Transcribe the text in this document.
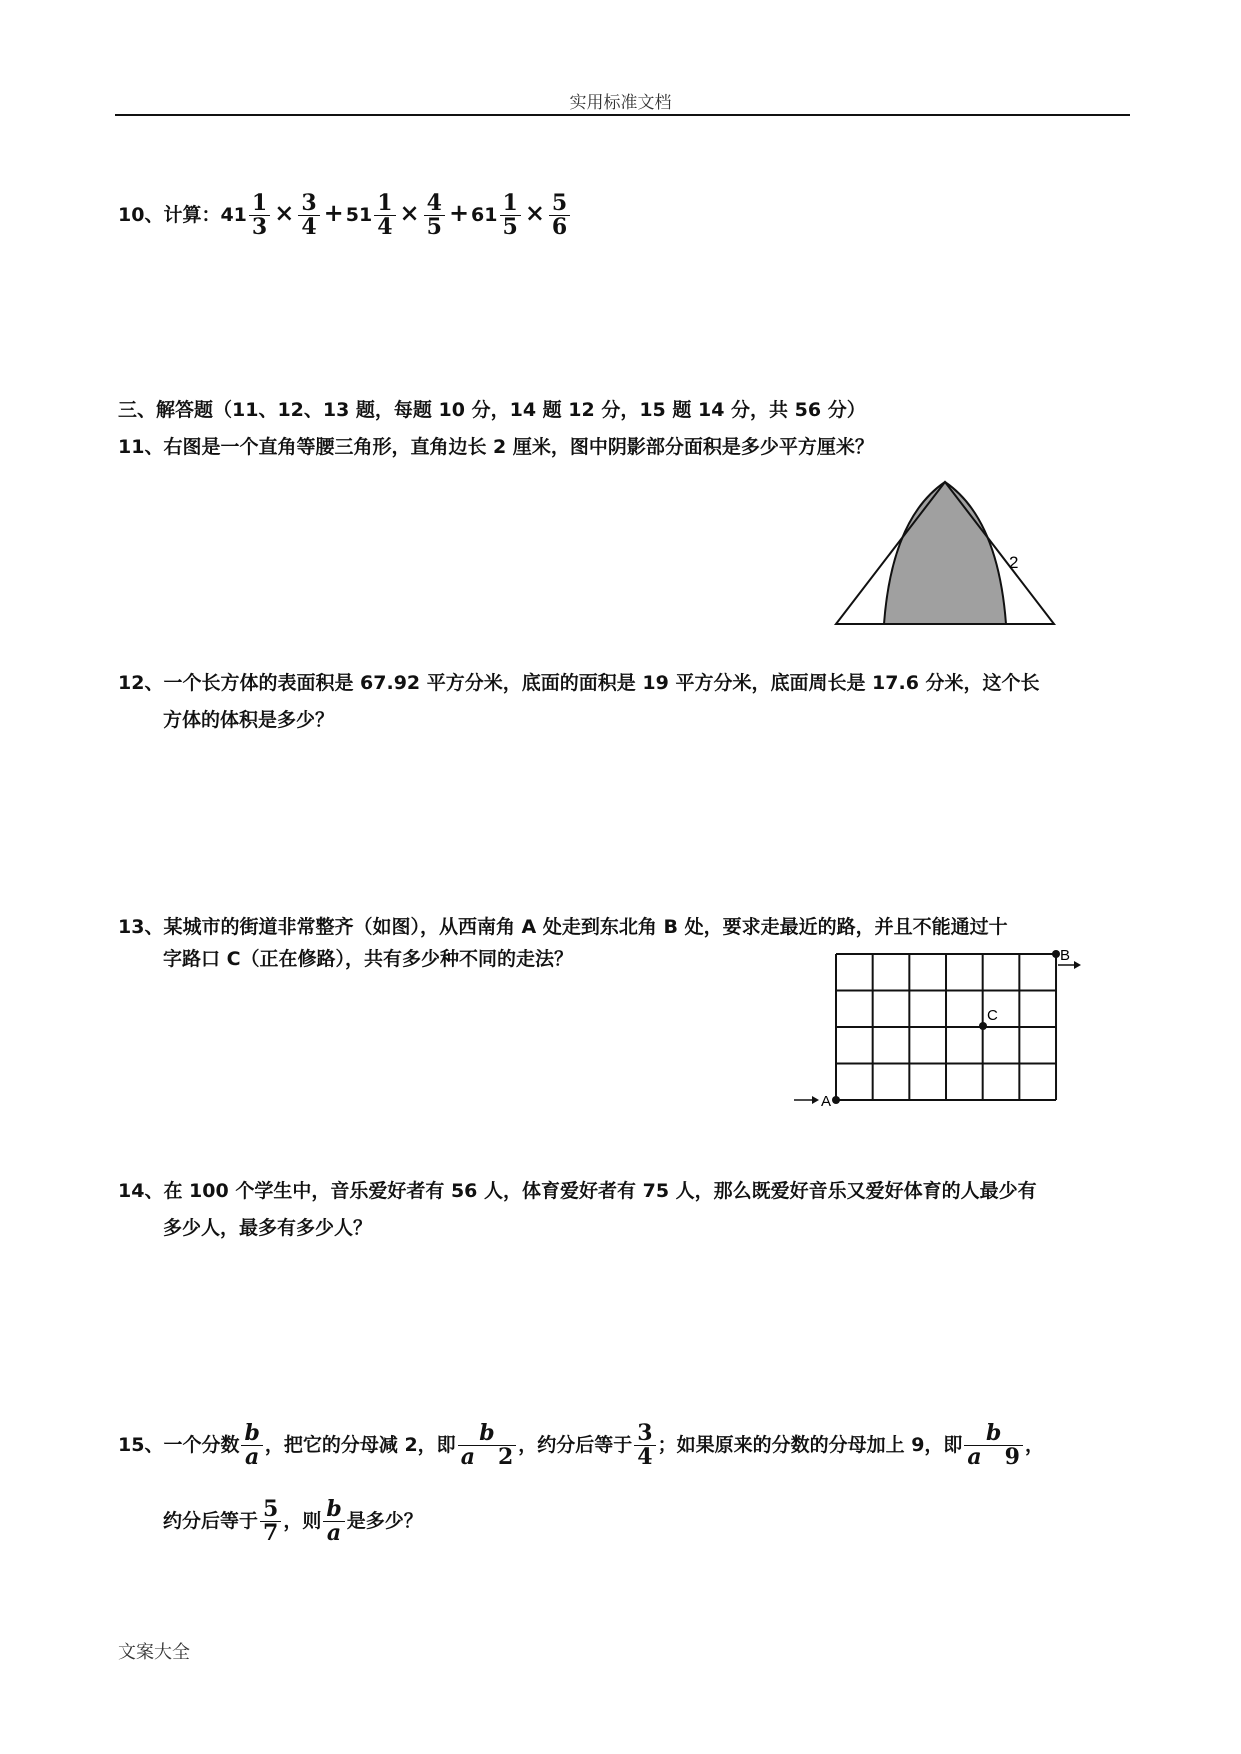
实用标准文档
10、计算：$41 \frac{1}{3} \times \frac{3}{4} + 51 \frac{1}{4} \times \frac{4}{5} + 61 \frac{1}{5} \times \frac{5}{6}$
三、解答题（11、12、13 题，每题 10 分，14 题 12 分，15 题 14 分，共 56 分）
11、右图是一个直角等腰三角形，直角边长 2 厘米，图中阴影部分面积是多少平方厘米？
2
12、一个长方体的表面积是 67.92 平方分米，底面的面积是 19 平方分米，底面周长是 17.6 分米，这个长
方体的体积是多少？
13、某城市的街道非常整齐（如图），从西南角 A 处走到东北角 B 处，要求走最近的路，并且不能通过十
字路口 C（正在修路），共有多少种不同的走法？
A
B
C
14、在 100 个学生中，音乐爱好者有 56 人，体育爱好者有 75 人，那么既爱好音乐又爱好体育的人最少有
多少人，最多有多少人？
15、一个分数 $\frac{b}{a}$ ，把它的分母减 2，即 $\frac{b}{a 2}$ ，约分后等于 $\frac{3}{4}$ ；如果原来的分数的分母加上 9，即 $\frac{b}{a 9}$ ，
约分后等于 $\frac{5}{7}$ ，则 $\frac{b}{a}$ 是多少？
文案大全
